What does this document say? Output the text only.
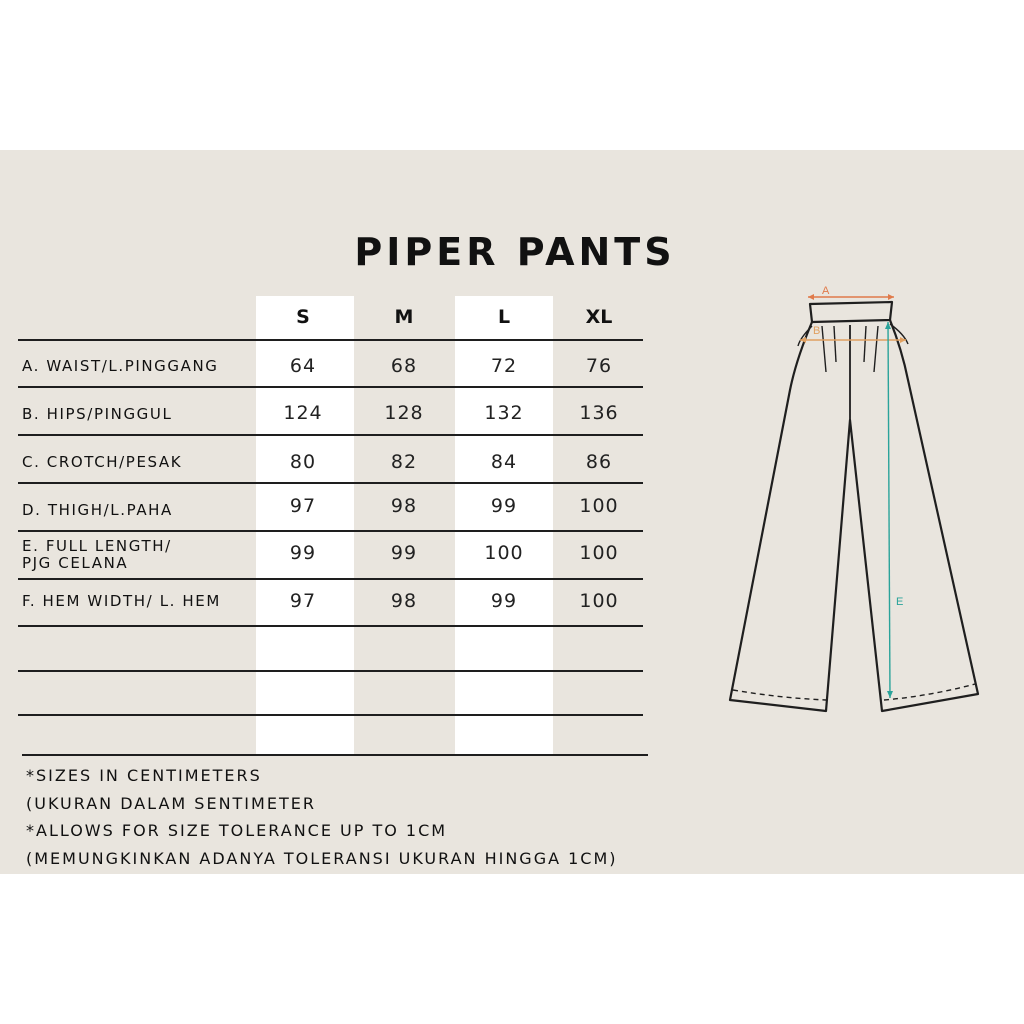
PIPER PANTS
S	M	L	XL
A. WAIST/L.PINGGANG	64	68	72	76
B. HIPS/PINGGUL	124	128	132	136
C. CROTCH/PESAK	80	82	84	86
D. THIGH/L.PAHA	97	98	99	100
E. FULL LENGTH/
PJG CELANA	99	99	100	100
F. HEM WIDTH/ L. HEM	97	98	99	100
*SIZES IN CENTIMETERS
(UKURAN DALAM SENTIMETER
*ALLOWS FOR SIZE TOLERANCE UP TO 1CM
(MEMUNGKINKAN ADANYA TOLERANSI UKURAN HINGGA 1CM)
A
B
E
